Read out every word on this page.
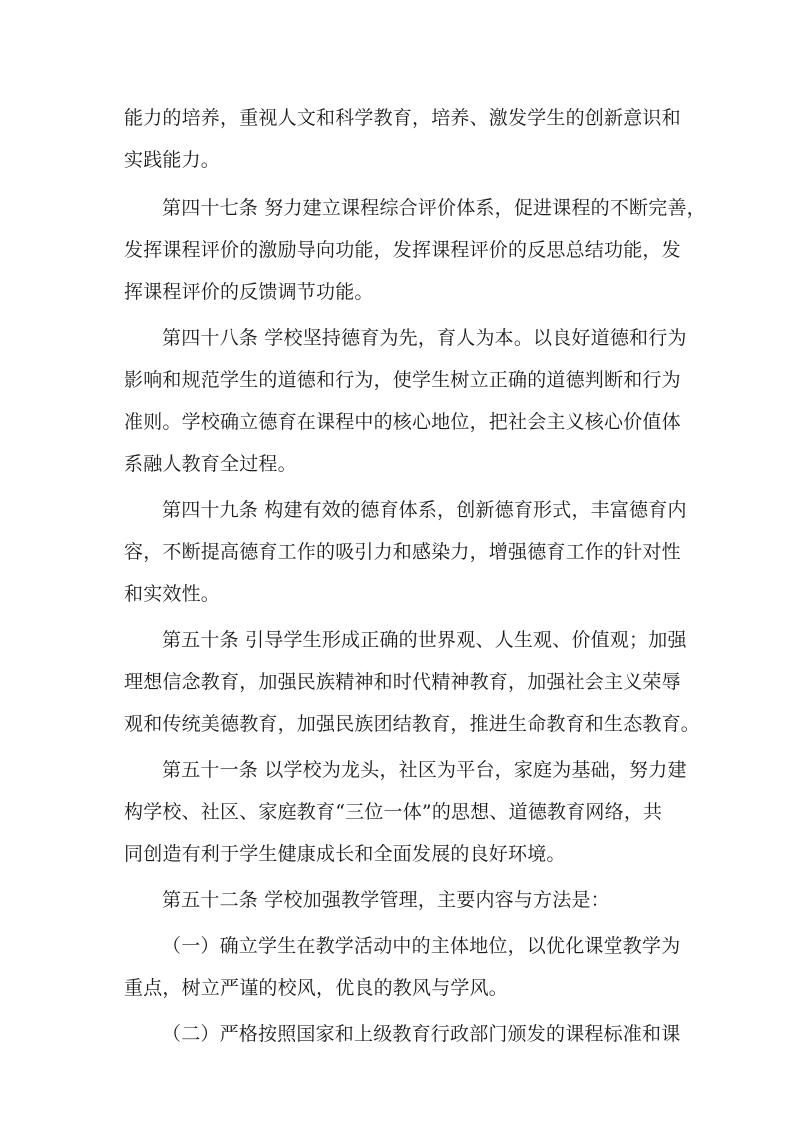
能力的培养，重视人文和科学教育，培养、激发学生的创新意识和
实践能力。
第四十七条 努力建立课程综合评价体系，促进课程的不断完善，
发挥课程评价的激励导向功能，发挥课程评价的反思总结功能，发
挥课程评价的反馈调节功能。
第四十八条 学校坚持德育为先，育人为本。以良好道德和行为
影响和规范学生的道德和行为，使学生树立正确的道德判断和行为
准则。学校确立德育在课程中的核心地位，把社会主义核心价值体
系融人教育全过程。
第四十九条 构建有效的德育体系，创新德育形式，丰富德育内
容，不断提高德育工作的吸引力和感染力，增强德育工作的针对性
和实效性。
第五十条 引导学生形成正确的世界观、人生观、价值观；加强
理想信念教育，加强民族精神和时代精神教育，加强社会主义荣辱
观和传统美德教育，加强民族团结教育，推进生命教育和生态教育。
第五十一条 以学校为龙头，社区为平台，家庭为基础，努力建
构学校、社区、家庭教育“三位一体”的思想、道德教育网络，共
同创造有利于学生健康成长和全面发展的良好环境。
第五十二条 学校加强教学管理，主要内容与方法是：
（一）确立学生在教学活动中的主体地位，以优化课堂教学为
重点，树立严谨的校风，优良的教风与学风。
（二）严格按照国家和上级教育行政部门颁发的课程标准和课
